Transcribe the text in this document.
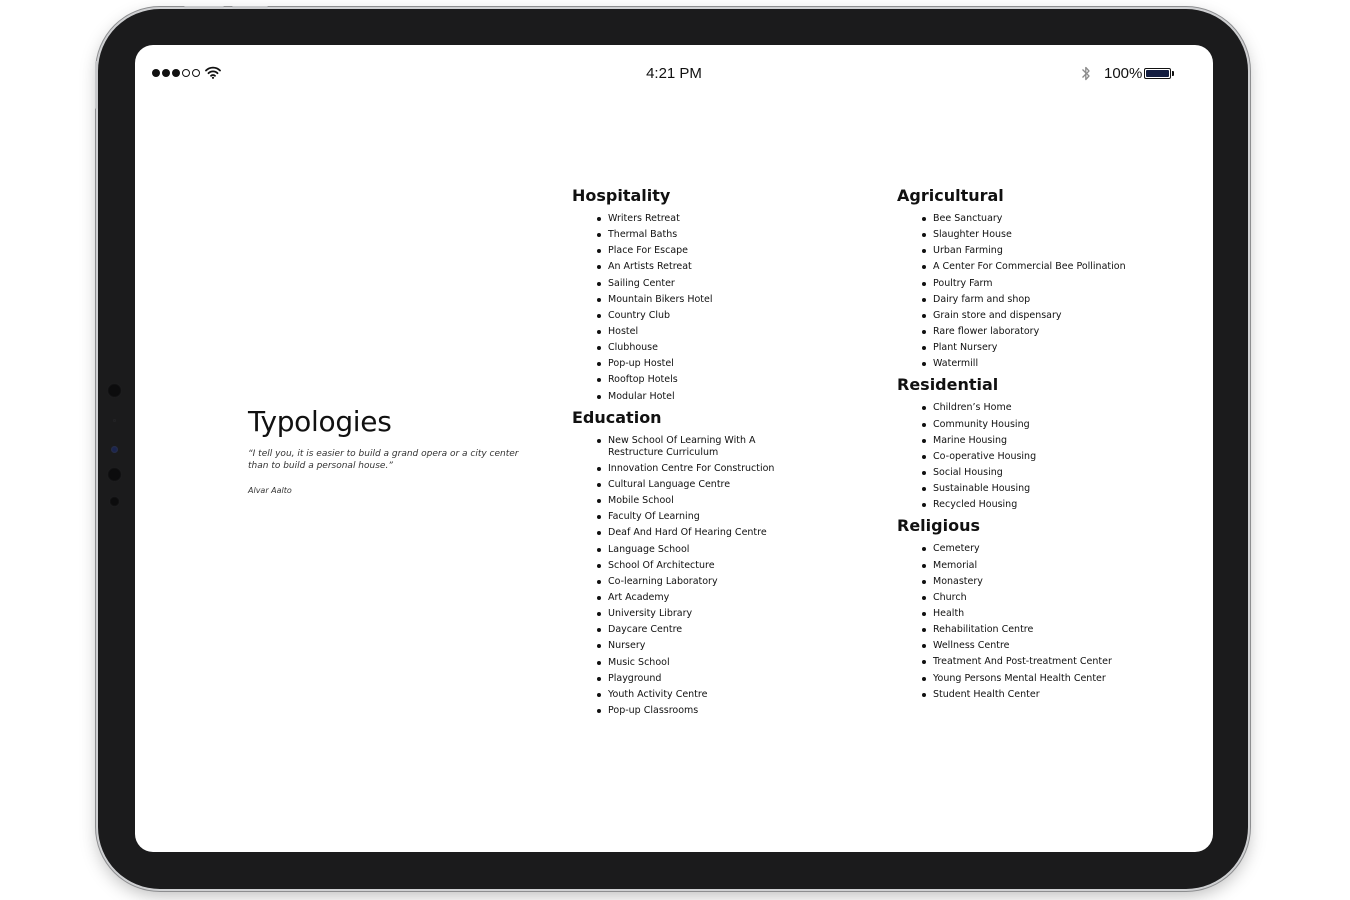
4:21 PM	100%
Typologies

“I tell you, it is easier to build a grand opera or a city center than to build a personal house.”

Alvar Aalto
Hospitality
Writers Retreat
Thermal Baths
Place For Escape
An Artists Retreat
Sailing Center
Mountain Bikers Hotel
Country Club
Hostel
Clubhouse
Pop-up Hostel
Rooftop Hotels
Modular Hotel
Education
New School Of Learning With A Restructure Curriculum
Innovation Centre For Construction
Cultural Language Centre
Mobile School
Faculty Of Learning
Deaf And Hard Of Hearing Centre
Language School
School Of Architecture
Co-learning Laboratory
Art Academy
University Library
Daycare Centre
Nursery
Music School
Playground
Youth Activity Centre
Pop-up Classrooms
Agricultural
Bee Sanctuary
Slaughter House
Urban Farming
A Center For Commercial Bee Pollination
Poultry Farm
Dairy farm and shop
Grain store and dispensary
Rare flower laboratory
Plant Nursery
Watermill
Residential
Children’s Home
Community Housing
Marine Housing
Co-operative Housing
Social Housing
Sustainable Housing
Recycled Housing
Religious
Cemetery
Memorial
Monastery
Church
Health
Rehabilitation Centre
Wellness Centre
Treatment And Post-treatment Center
Young Persons Mental Health Center
Student Health Center
